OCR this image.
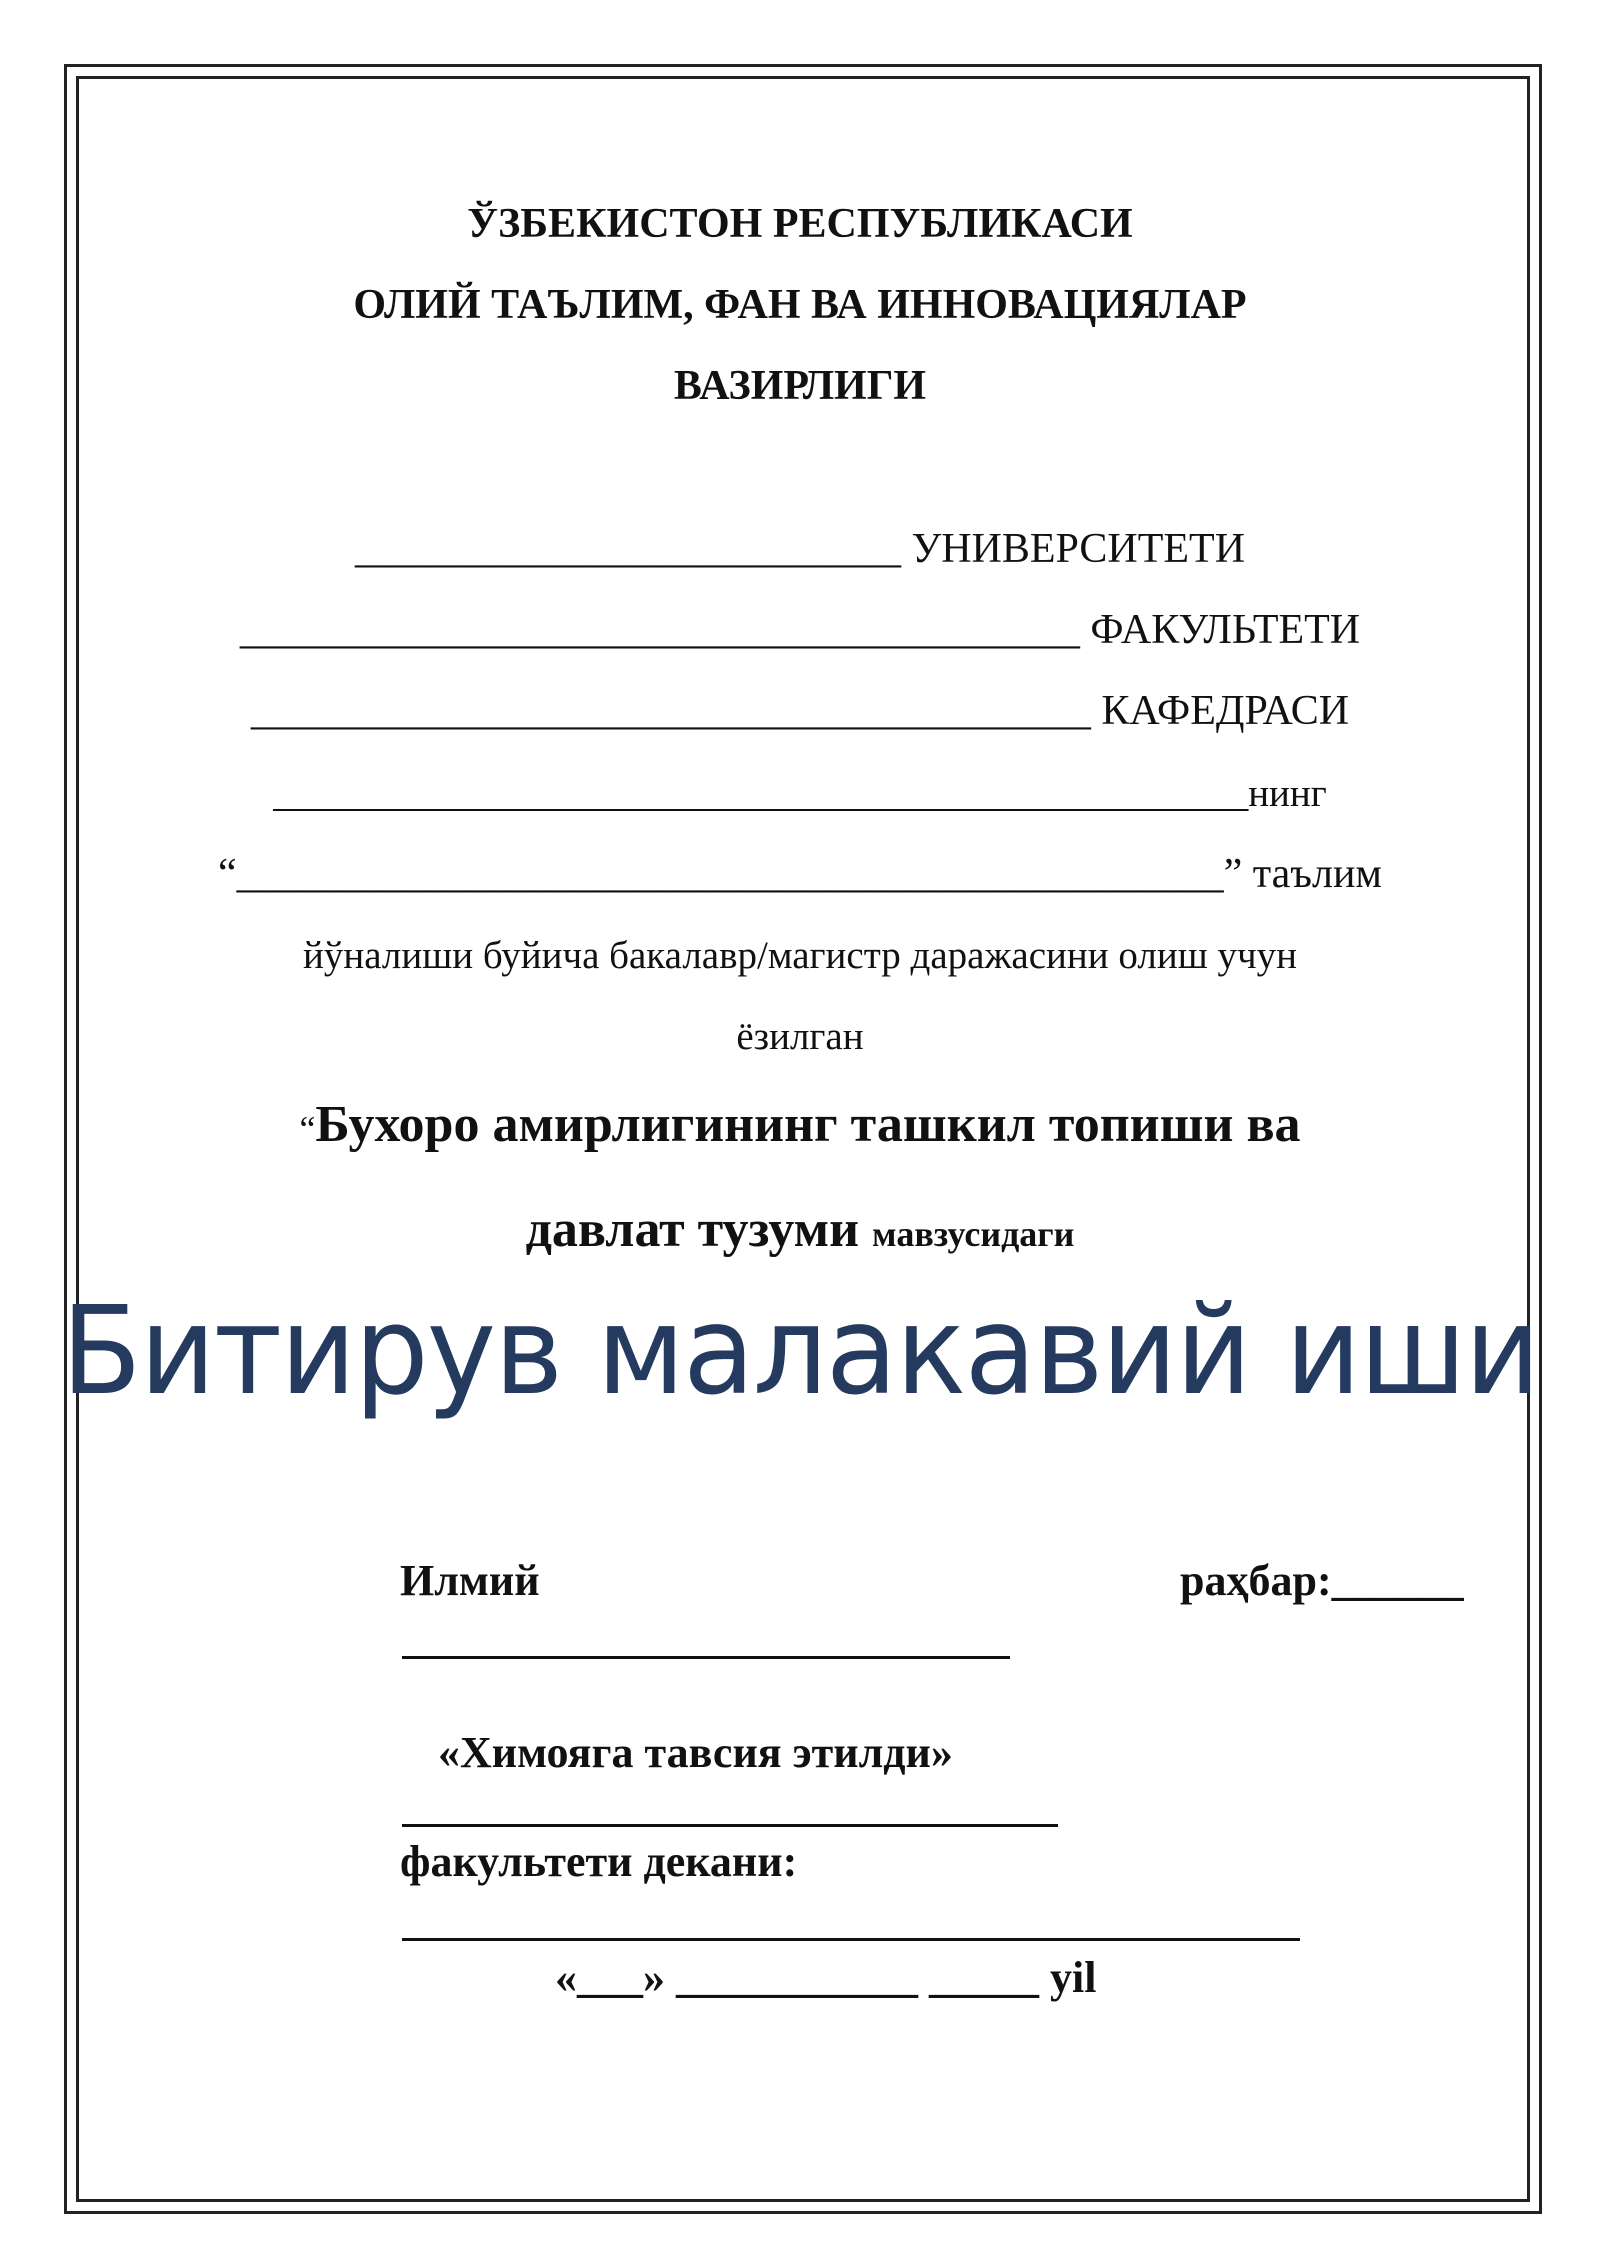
ЎЗБЕКИСТОН РЕСПУБЛИКАСИ
ОЛИЙ ТАЪЛИМ, ФАН ВА ИННОВАЦИЯЛАР
ВАЗИРЛИГИ
__________________________ УНИВЕРСИТЕТИ
________________________________________ ФАКУЛЬТЕТИ
________________________________________ КАФЕДРАСИ
__________________________________________________нинг
“_______________________________________________” таълим
йўналиши буйича бакалавр/магистр даражасини олиш учун
ёзилган
“Бухоро амирлигининг ташкил топиши ва
давлат тузуми мавзусидаги
Битирув малакавий иши
Илмий	раҳбар:______
«Химояга тавсия этилди»
факультети декани:
«___» ___________ _____ yil
